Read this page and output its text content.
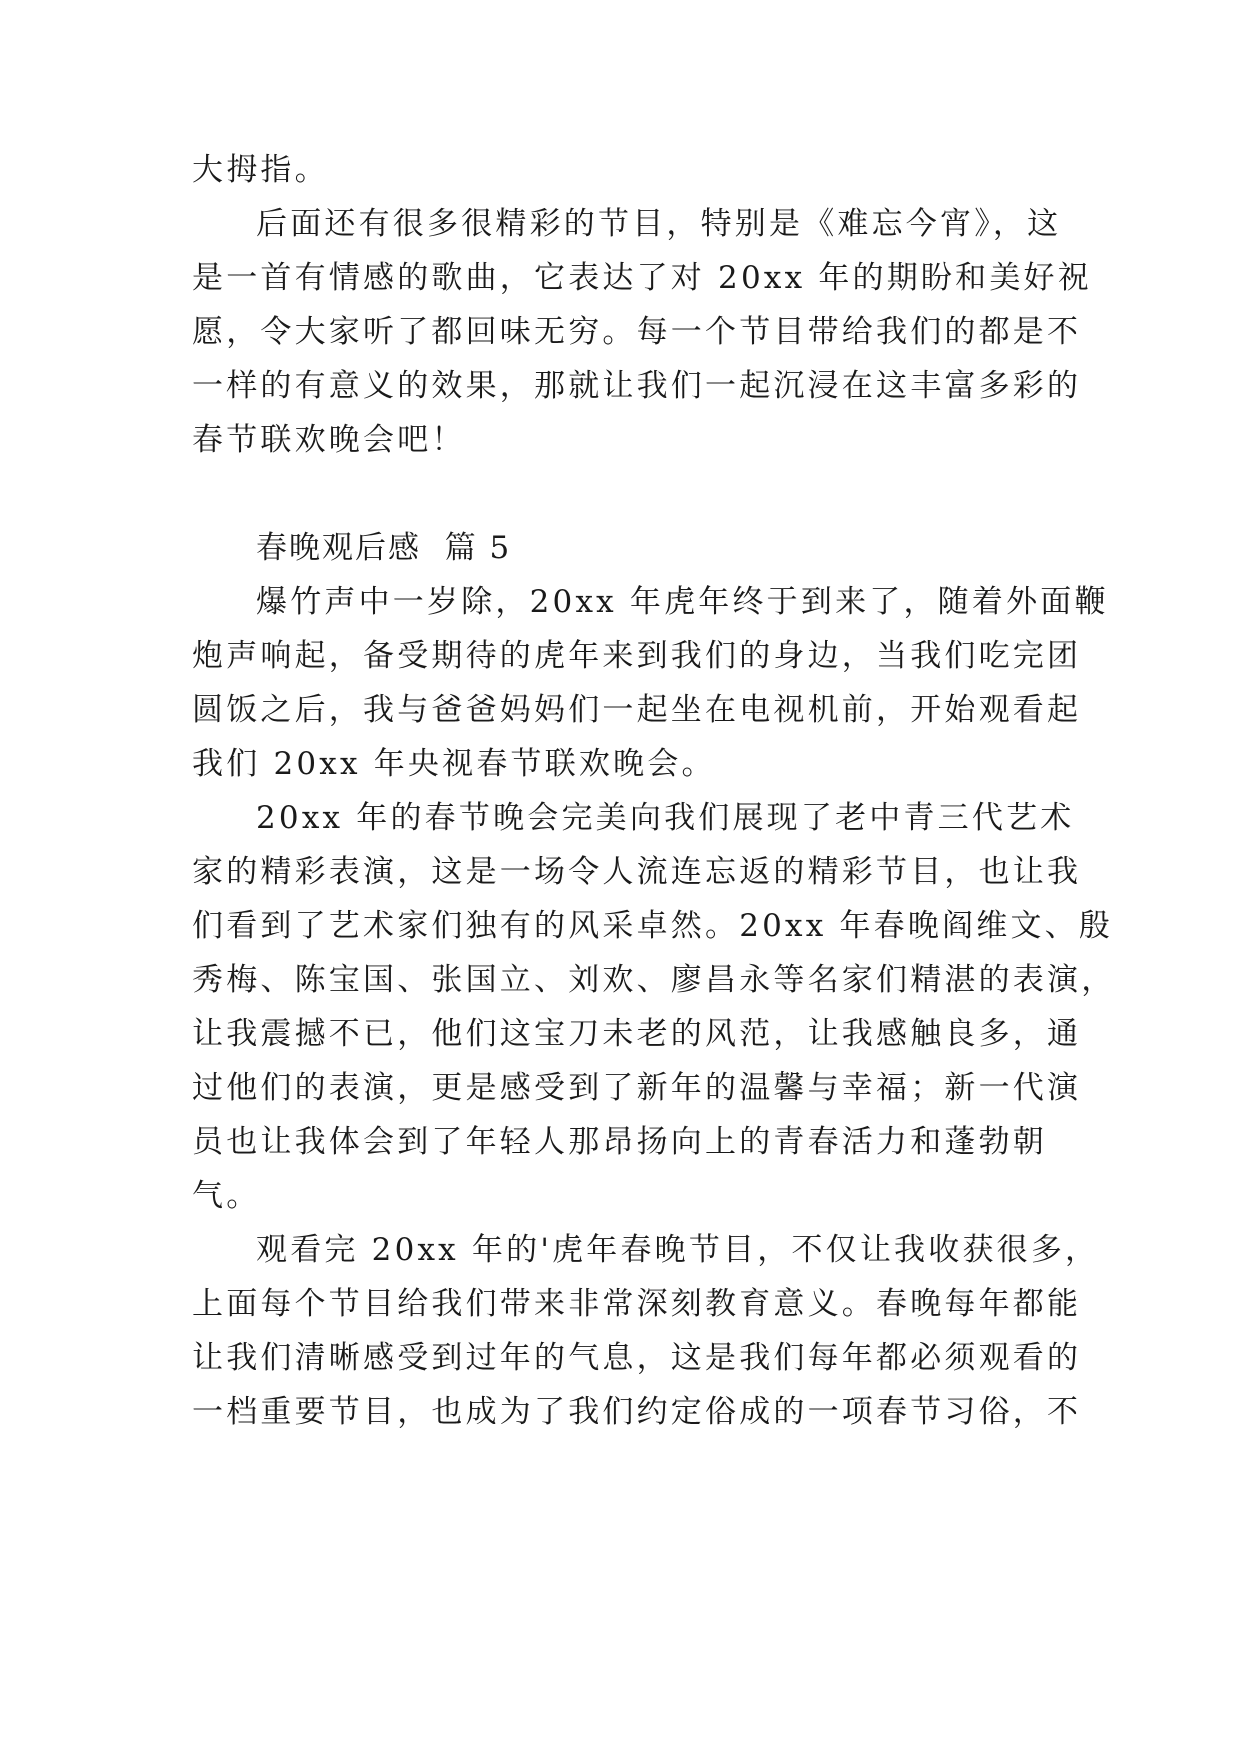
大拇指。
后面还有很多很精彩的节目，特别是《难忘今宵》，这
是一首有情感的歌曲，它表达了对 20xx 年的期盼和美好祝
愿，令大家听了都回味无穷。每一个节目带给我们的都是不
一样的有意义的效果，那就让我们一起沉浸在这丰富多彩的
春节联欢晚会吧！
春晚观后感  篇 5
爆竹声中一岁除，20xx 年虎年终于到来了，随着外面鞭
炮声响起，备受期待的虎年来到我们的身边，当我们吃完团
圆饭之后，我与爸爸妈妈们一起坐在电视机前，开始观看起
我们 20xx 年央视春节联欢晚会。
20xx 年的春节晚会完美向我们展现了老中青三代艺术
家的精彩表演，这是一场令人流连忘返的精彩节目，也让我
们看到了艺术家们独有的风采卓然。20xx 年春晚阎维文、殷
秀梅、陈宝国、张国立、刘欢、廖昌永等名家们精湛的表演，
让我震撼不已，他们这宝刀未老的风范，让我感触良多，通
过他们的表演，更是感受到了新年的温馨与幸福；新一代演
员也让我体会到了年轻人那昂扬向上的青春活力和蓬勃朝
气。
观看完 20xx 年的'虎年春晚节目，不仅让我收获很多，
上面每个节目给我们带来非常深刻教育意义。春晚每年都能
让我们清晰感受到过年的气息，这是我们每年都必须观看的
一档重要节目，也成为了我们约定俗成的一项春节习俗，不
